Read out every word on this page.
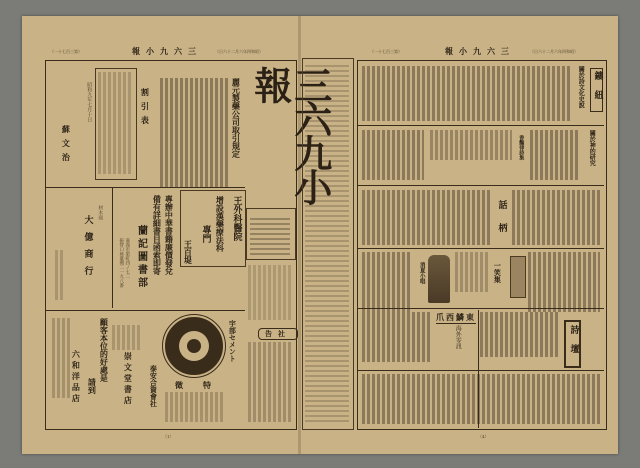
（一十七百三第）	三六九小報	（日六十二月六年四和昭）
三六九小報
麗元製藥公司取引規定
割引表
昭和九年七月十日
蘇文治
王外科醫院
增設漢藥療法科
專門
王百堤
專辦中華書籍廉價發兌
備有詳細書目函索即寄
蘭記圖書部
嘉義市榮町四ノ七二
振替口座臺灣二一九八番
材木商
大億商行
顧客本位的好處是
請到
六和洋品店	崇文堂書店
宇部セメント
特徵
泰安合資會社
社告
（1）
（一十七百三第）	三六九小報	（日六十二月六年四和昭）
鏤紐
關於詩文化史說
關於神的研究
香豔律詩集
話柄
一笑集
消夏小唱
詩壇
東鱗西爪
海外零訊
（4）
